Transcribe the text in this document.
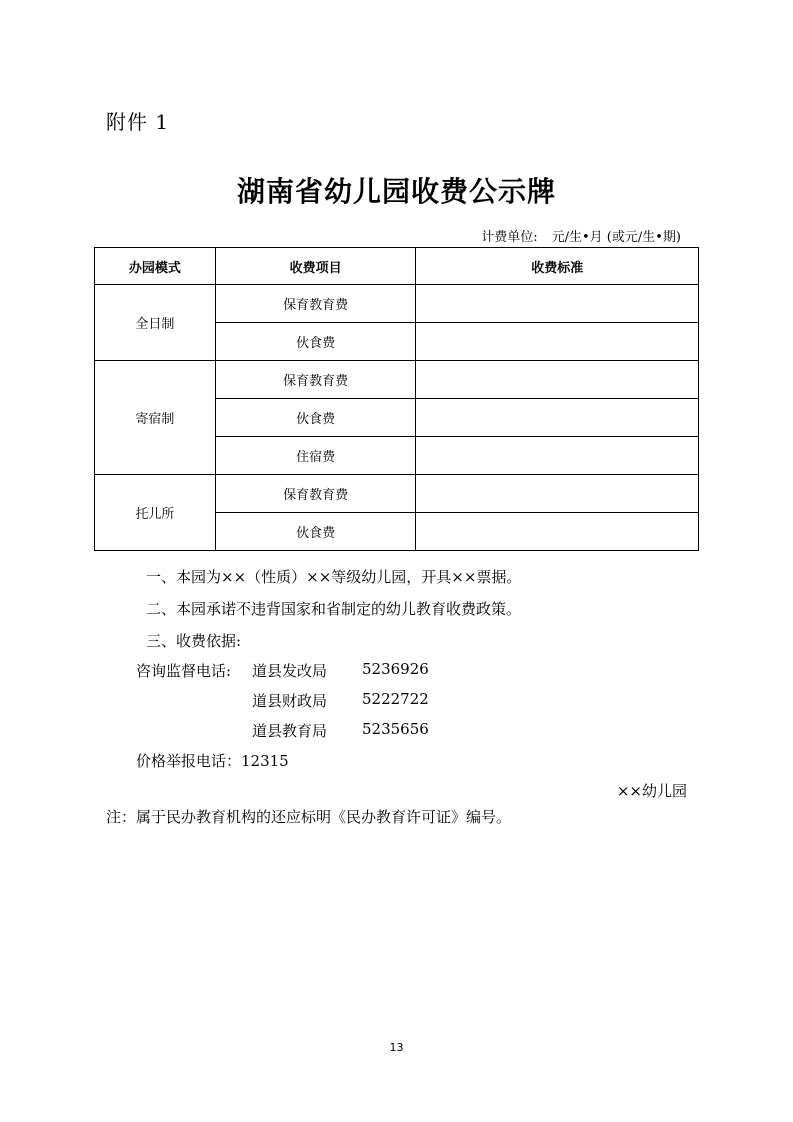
附件 1
湖南省幼儿园收费公示牌
计费单位: 元/生•月 (或元/生•期)
办园模式	收费项目	收费标准
全日制	保育教育费	
	伙食费	
寄宿制	保育教育费	
	伙食费	
	住宿费	
托儿所	保育教育费	
	伙食费	
一、本园为××（性质）××等级幼儿园，开具××票据。
二、本园承诺不违背国家和省制定的幼儿教育收费政策。
三、收费依据:
咨询监督电话: 道县发改局 5236926
道县财政局 5222722
道县教育局 5235656
价格举报电话：12315
××幼儿园
注：属于民办教育机构的还应标明《民办教育许可证》编号。
13
